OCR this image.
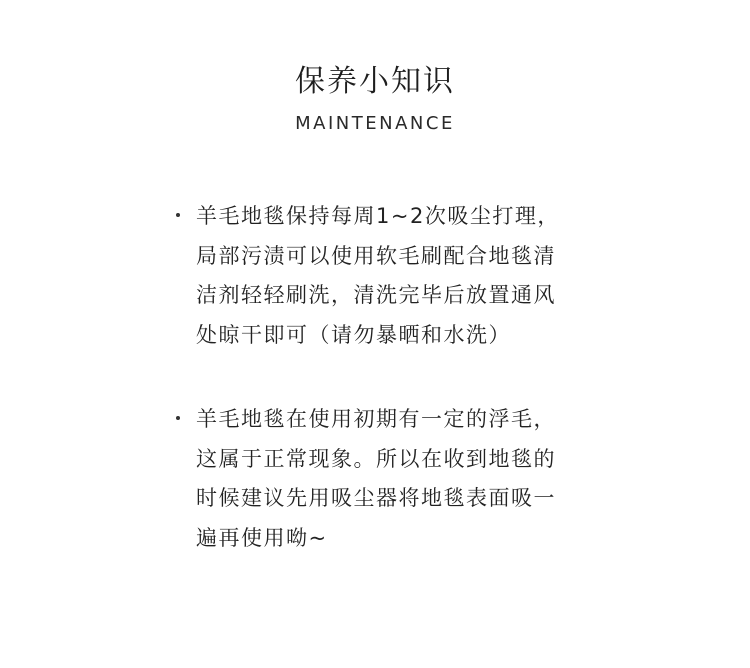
保养小知识
MAINTENANCE
羊毛地毯保持每周1~2次吸尘打理，
局部污渍可以使用软毛刷配合地毯清
洁剂轻轻刷洗，清洗完毕后放置通风
处晾干即可（请勿暴晒和水洗）
羊毛地毯在使用初期有一定的浮毛，
这属于正常现象。所以在收到地毯的
时候建议先用吸尘器将地毯表面吸一
遍再使用呦~
